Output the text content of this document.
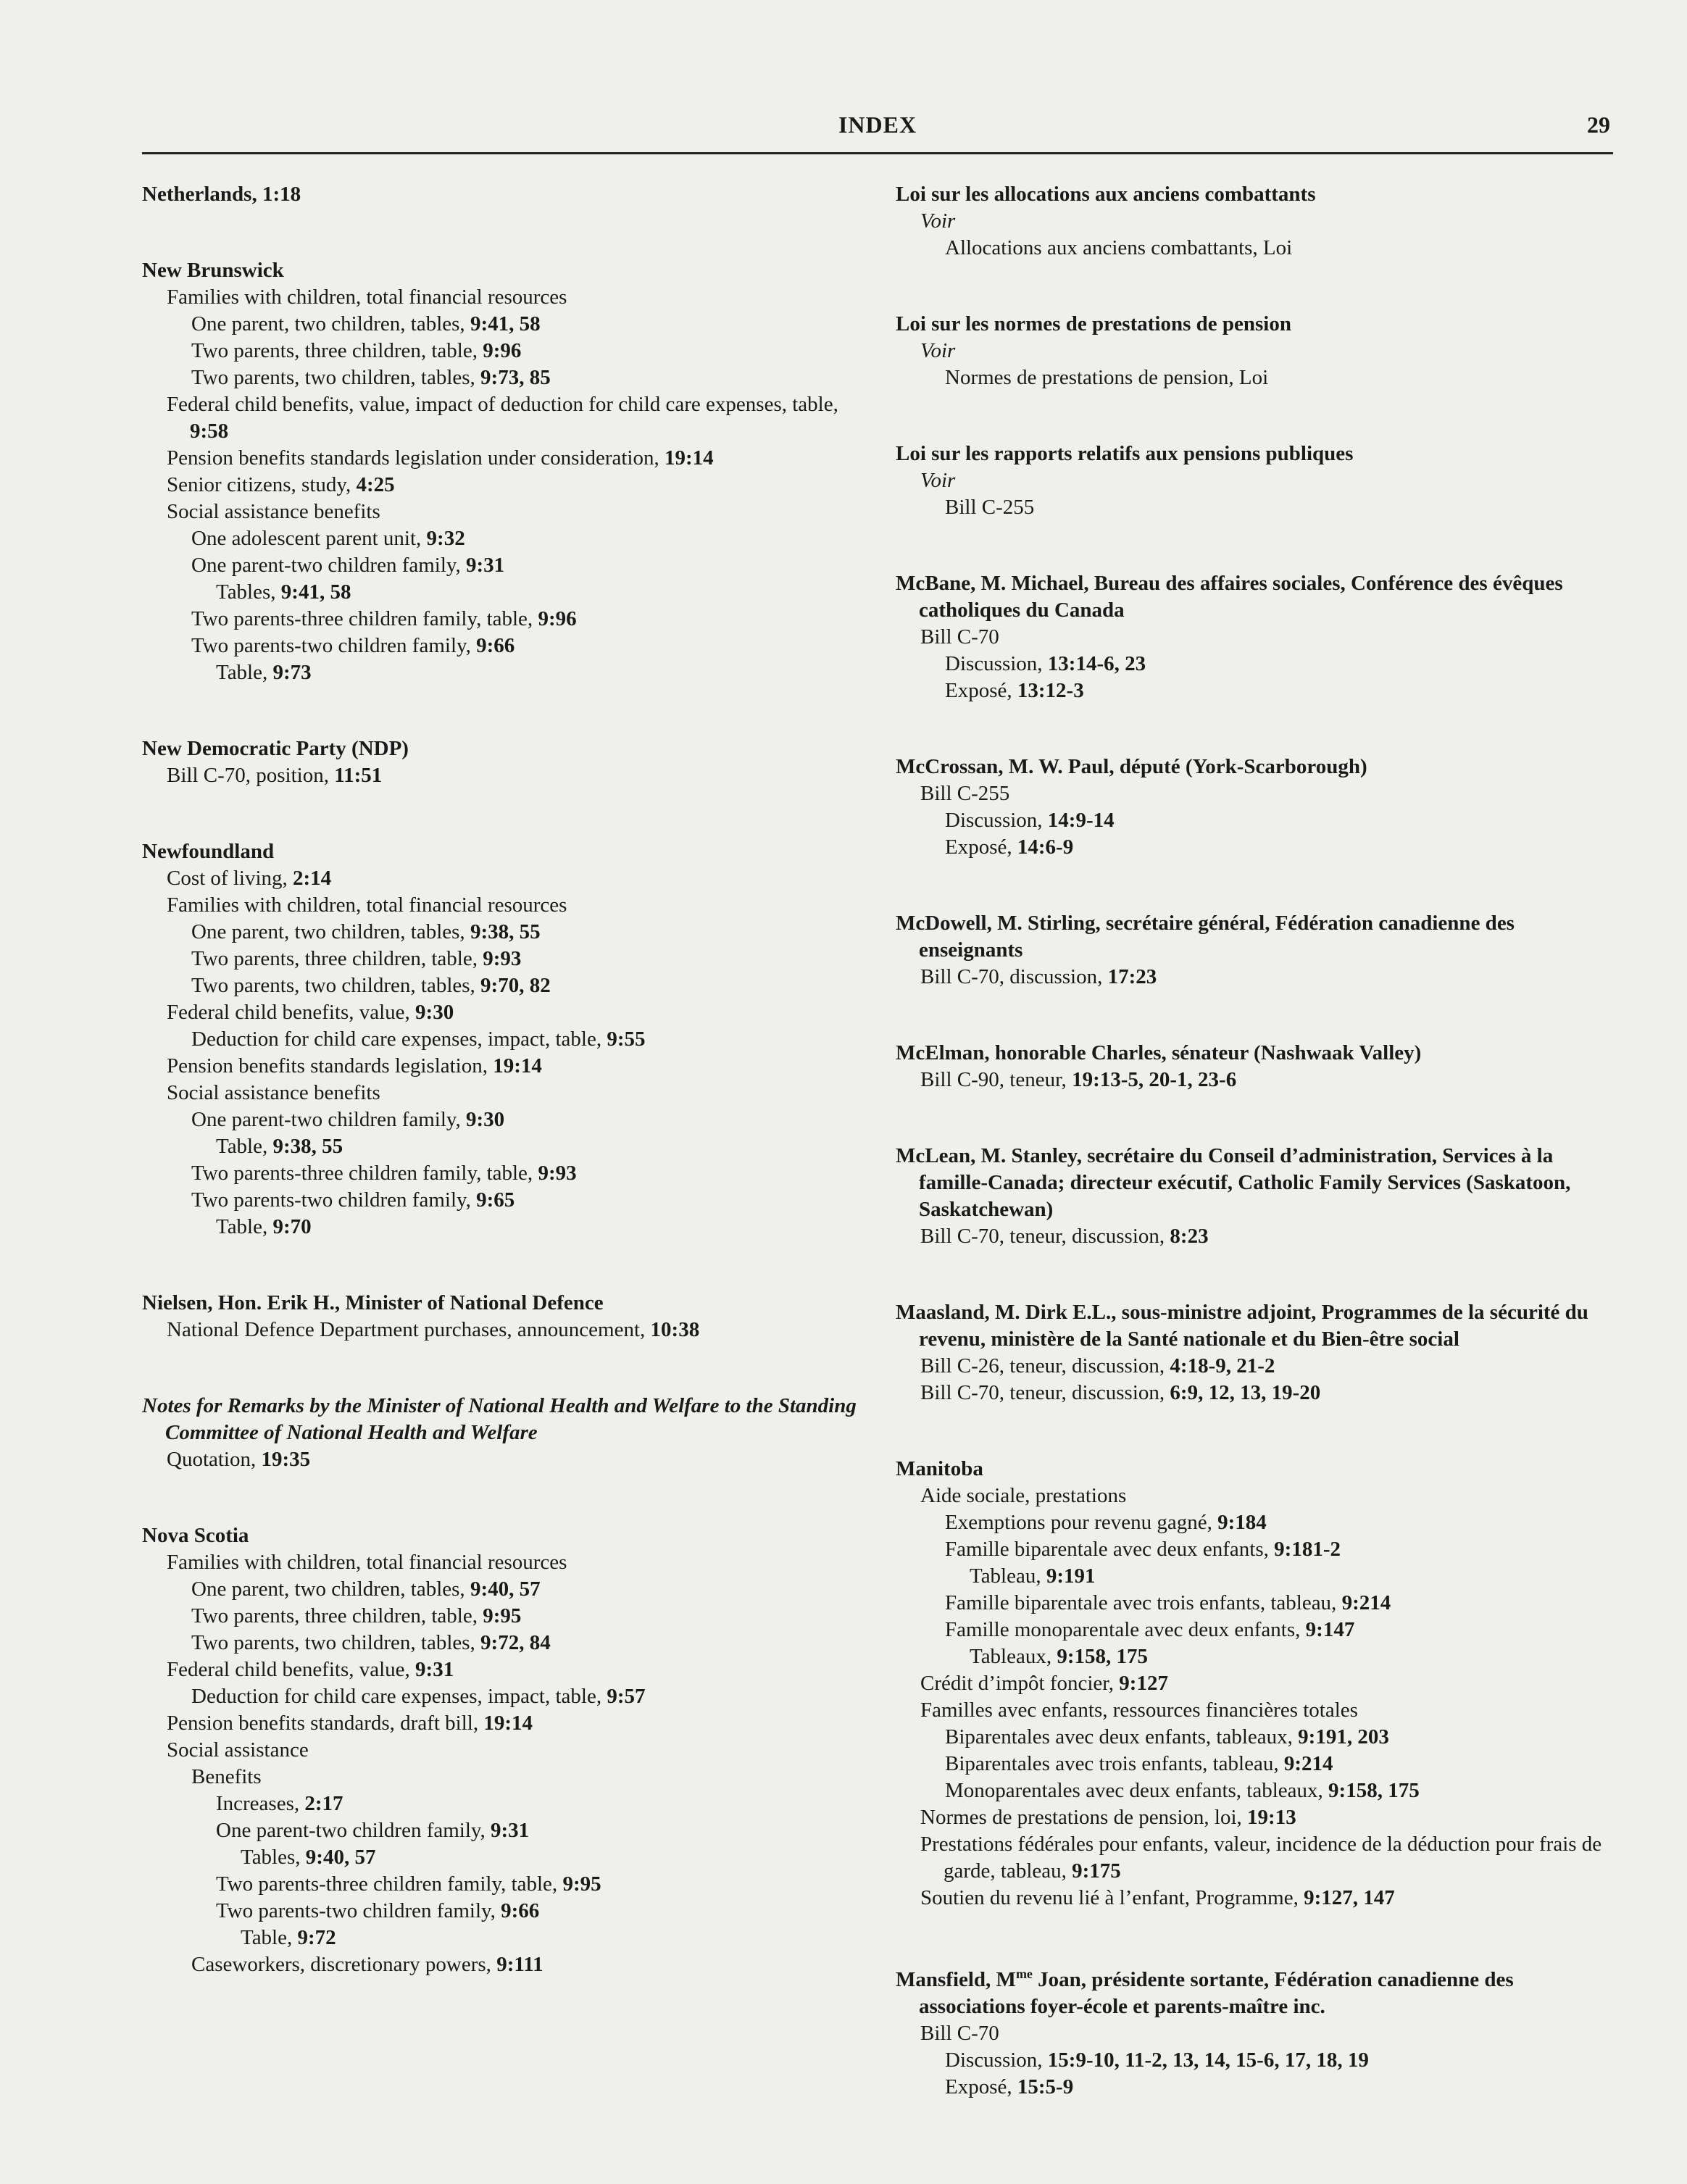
INDEX	29
Netherlands, 1:18
New Brunswick
Families with children, total financial resources
One parent, two children, tables, 9:41, 58
Two parents, three children, table, 9:96
Two parents, two children, tables, 9:73, 85
Federal child benefits, value, impact of deduction for child care expenses, table, 9:58
Pension benefits standards legislation under consideration, 19:14
Senior citizens, study, 4:25
Social assistance benefits
One adolescent parent unit, 9:32
One parent-two children family, 9:31
Tables, 9:41, 58
Two parents-three children family, table, 9:96
Two parents-two children family, 9:66
Table, 9:73
New Democratic Party (NDP)
Bill C-70, position, 11:51
Newfoundland
Cost of living, 2:14
Families with children, total financial resources
One parent, two children, tables, 9:38, 55
Two parents, three children, table, 9:93
Two parents, two children, tables, 9:70, 82
Federal child benefits, value, 9:30
Deduction for child care expenses, impact, table, 9:55
Pension benefits standards legislation, 19:14
Social assistance benefits
One parent-two children family, 9:30
Table, 9:38, 55
Two parents-three children family, table, 9:93
Two parents-two children family, 9:65
Table, 9:70
Nielsen, Hon. Erik H., Minister of National Defence
National Defence Department purchases, announcement, 10:38
Notes for Remarks by the Minister of National Health and Welfare to the Standing Committee of National Health and Welfare
Quotation, 19:35
Nova Scotia
Families with children, total financial resources
One parent, two children, tables, 9:40, 57
Two parents, three children, table, 9:95
Two parents, two children, tables, 9:72, 84
Federal child benefits, value, 9:31
Deduction for child care expenses, impact, table, 9:57
Pension benefits standards, draft bill, 19:14
Social assistance
Benefits
Increases, 2:17
One parent-two children family, 9:31
Tables, 9:40, 57
Two parents-three children family, table, 9:95
Two parents-two children family, 9:66
Table, 9:72
Caseworkers, discretionary powers, 9:111
Loi sur les allocations aux anciens combattants
Voir
Allocations aux anciens combattants, Loi
Loi sur les normes de prestations de pension
Voir
Normes de prestations de pension, Loi
Loi sur les rapports relatifs aux pensions publiques
Voir
Bill C-255
McBane, M. Michael, Bureau des affaires sociales, Conférence des évêques catholiques du Canada
Bill C-70
Discussion, 13:14-6, 23
Exposé, 13:12-3
McCrossan, M. W. Paul, député (York-Scarborough)
Bill C-255
Discussion, 14:9-14
Exposé, 14:6-9
McDowell, M. Stirling, secrétaire général, Fédération canadienne des enseignants
Bill C-70, discussion, 17:23
McElman, honorable Charles, sénateur (Nashwaak Valley)
Bill C-90, teneur, 19:13-5, 20-1, 23-6
McLean, M. Stanley, secrétaire du Conseil d’administration, Services à la famille-Canada; directeur exécutif, Catholic Family Services (Saskatoon, Saskatchewan)
Bill C-70, teneur, discussion, 8:23
Maasland, M. Dirk E.L., sous-ministre adjoint, Programmes de la sécurité du revenu, ministère de la Santé nationale et du Bien-être social
Bill C-26, teneur, discussion, 4:18-9, 21-2
Bill C-70, teneur, discussion, 6:9, 12, 13, 19-20
Manitoba
Aide sociale, prestations
Exemptions pour revenu gagné, 9:184
Famille biparentale avec deux enfants, 9:181-2
Tableau, 9:191
Famille biparentale avec trois enfants, tableau, 9:214
Famille monoparentale avec deux enfants, 9:147
Tableaux, 9:158, 175
Crédit d’impôt foncier, 9:127
Familles avec enfants, ressources financières totales
Biparentales avec deux enfants, tableaux, 9:191, 203
Biparentales avec trois enfants, tableau, 9:214
Monoparentales avec deux enfants, tableaux, 9:158, 175
Normes de prestations de pension, loi, 19:13
Prestations fédérales pour enfants, valeur, incidence de la déduction pour frais de garde, tableau, 9:175
Soutien du revenu lié à l’enfant, Programme, 9:127, 147
Mansfield, $M^{me}$ Joan, présidente sortante, Fédération canadienne des associations foyer-école et parents-maître inc.
Bill C-70
Discussion, 15:9-10, 11-2, 13, 14, 15-6, 17, 18, 19
Exposé, 15:5-9
